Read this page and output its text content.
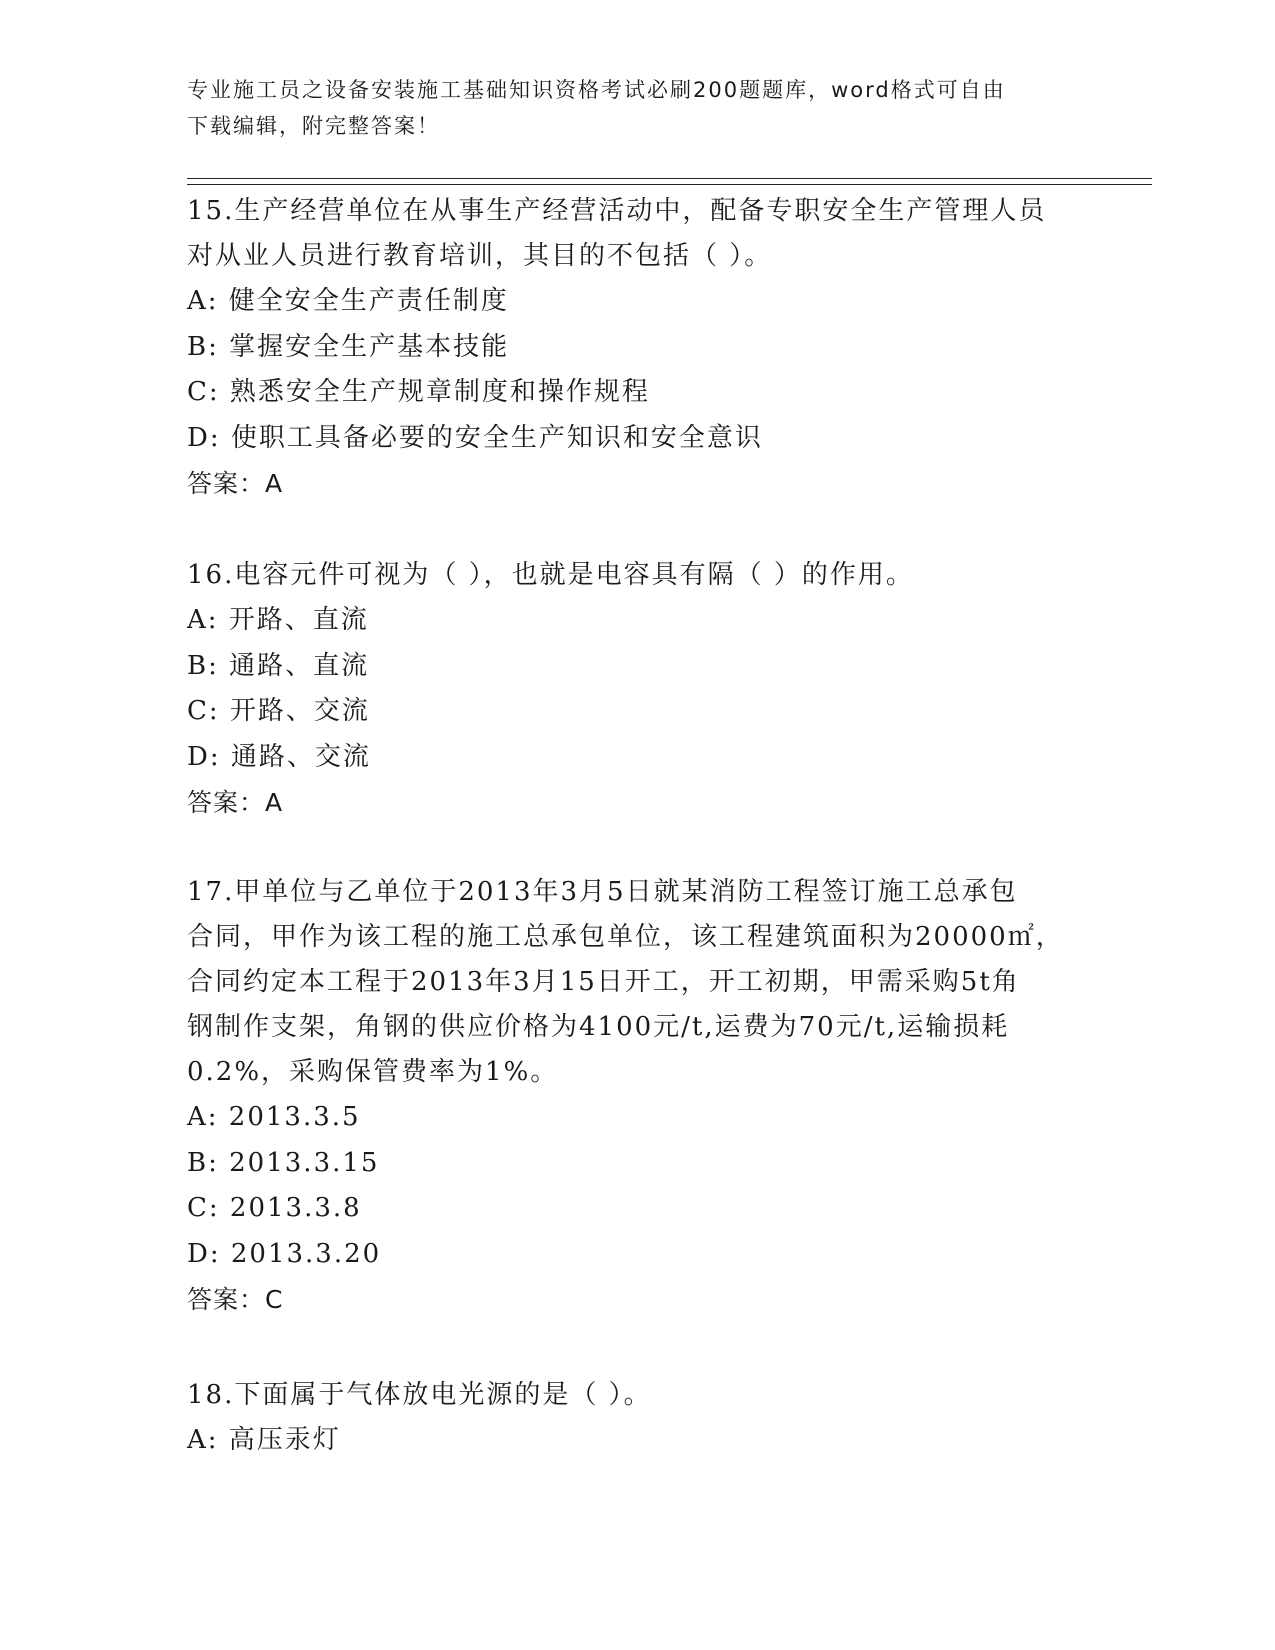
专业施工员之设备安装施工基础知识资格考试必刷200题题库，word格式可自由
下载编辑，附完整答案！
15.生产经营单位在从事生产经营活动中，配备专职安全生产管理人员
对从业人员进行教育培训，其目的不包括（ ）。
A: 健全安全生产责任制度
B: 掌握安全生产基本技能
C: 熟悉安全生产规章制度和操作规程
D: 使职工具备必要的安全生产知识和安全意识
答案：A
16.电容元件可视为（ ），也就是电容具有隔（ ）的作用。
A: 开路、直流
B: 通路、直流
C: 开路、交流
D: 通路、交流
答案：A
17.甲单位与乙单位于2013年3月5日就某消防工程签订施工总承包
合同，甲作为该工程的施工总承包单位，该工程建筑面积为20000㎡，
合同约定本工程于2013年3月15日开工，开工初期，甲需采购5t角
钢制作支架，角钢的供应价格为4100元/t,运费为70元/t,运输损耗
0.2%，采购保管费率为1%。
A: 2013.3.5
B: 2013.3.15
C: 2013.3.8
D: 2013.3.20
答案：C
18.下面属于气体放电光源的是（ ）。
A: 高压汞灯
